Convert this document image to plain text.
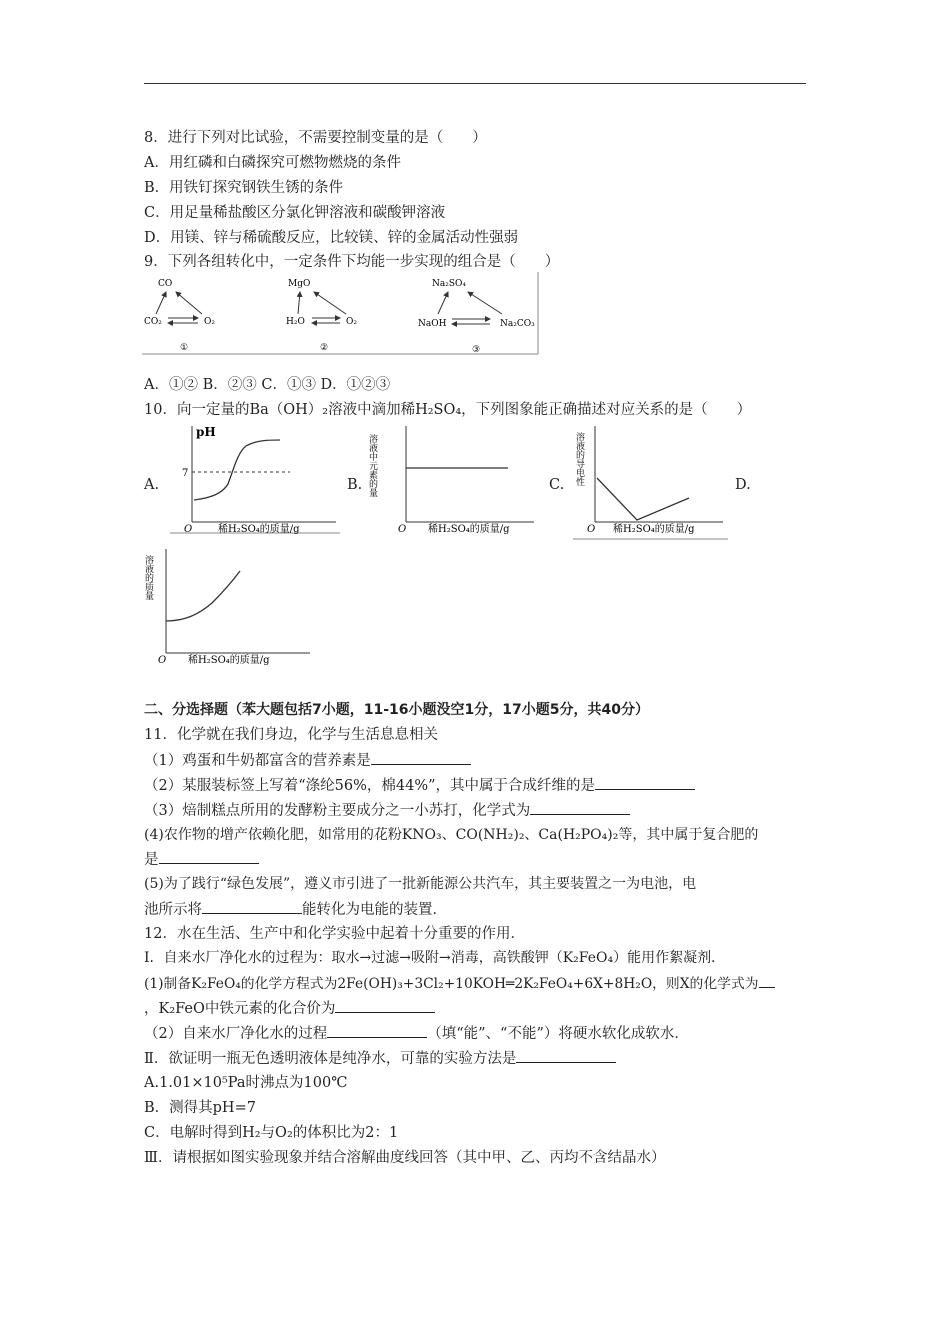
8．进行下列对比试验，不需要控制变量的是（　　）
A．用红磷和白磷探究可燃物燃烧的条件
B．用铁钉探究钢铁生锈的条件
C．用足量稀盐酸区分氯化钾溶液和碳酸钾溶液
D．用镁、锌与稀硫酸反应，比较镁、锌的金属活动性强弱
9．下列各组转化中，一定条件下均能一步实现的组合是（　　）
CO
CO₂	O₂
①
MgO
H₂O	O₂
②
Na₂SO₄
NaOH	Na₂CO₃
③
A．①② B．②③ C．①③ D．①②③
10．向一定量的Ba（OH）₂溶液中滴加稀H₂SO₄，下列图象能正确描述对应关系的是（　　）
A.	B.	C.	D.
pH
7
O	稀H₂SO₄的质量/g
溶液中元素的量
O 稀H₂SO₄的质量/g
溶液的导电性
O 稀H₂SO₄的质量/g
溶液的质量
O 稀H₂SO₄的质量/g
二、分选择题（苯大题包括7小题，11-16小题没空1分，17小题5分，共40分）
11．化学就在我们身边，化学与生活息息相关
（1）鸡蛋和牛奶都富含的营养素是
（2）某服装标签上写着“涤纶56%，棉44%”，其中属于合成纤维的是
（3）焙制糕点所用的发酵粉主要成分之一小苏打，化学式为
(4)农作物的增产依赖化肥，如常用的花粉KNO₃、CO(NH₂)₂、Ca(H₂PO₄)₂等，其中属于复合肥的
是
(5)为了践行“绿色发展”，遵义市引进了一批新能源公共汽车，其主要装置之一为电池，电
池所示将	能转化为电能的装置．
12．水在生活、生产中和化学实验中起着十分重要的作用．
Ⅰ．自来水厂净化水的过程为：取水→过滤→吸附→消毒，高铁酸钾（K₂FeO₄）能用作絮凝剂．
(1)制备K₂FeO₄的化学方程式为2Fe(OH)₃+3Cl₂+10KOH═2K₂FeO₄+6X+8H₂O，则X的化学式为
，K₂FeO中铁元素的化合价为
（2）自来水厂净化水的过程	（填“能”、“不能”）将硬水软化成软水．
Ⅱ．欲证明一瓶无色透明液体是纯净水，可靠的实验方法是
A.1.01×10⁵Pa时沸点为100℃
B．测得其pH=7
C．电解时得到H₂与O₂的体积比为2：1
Ⅲ．请根据如图实验现象并结合溶解曲度线回答（其中甲、乙、丙均不含结晶水）
